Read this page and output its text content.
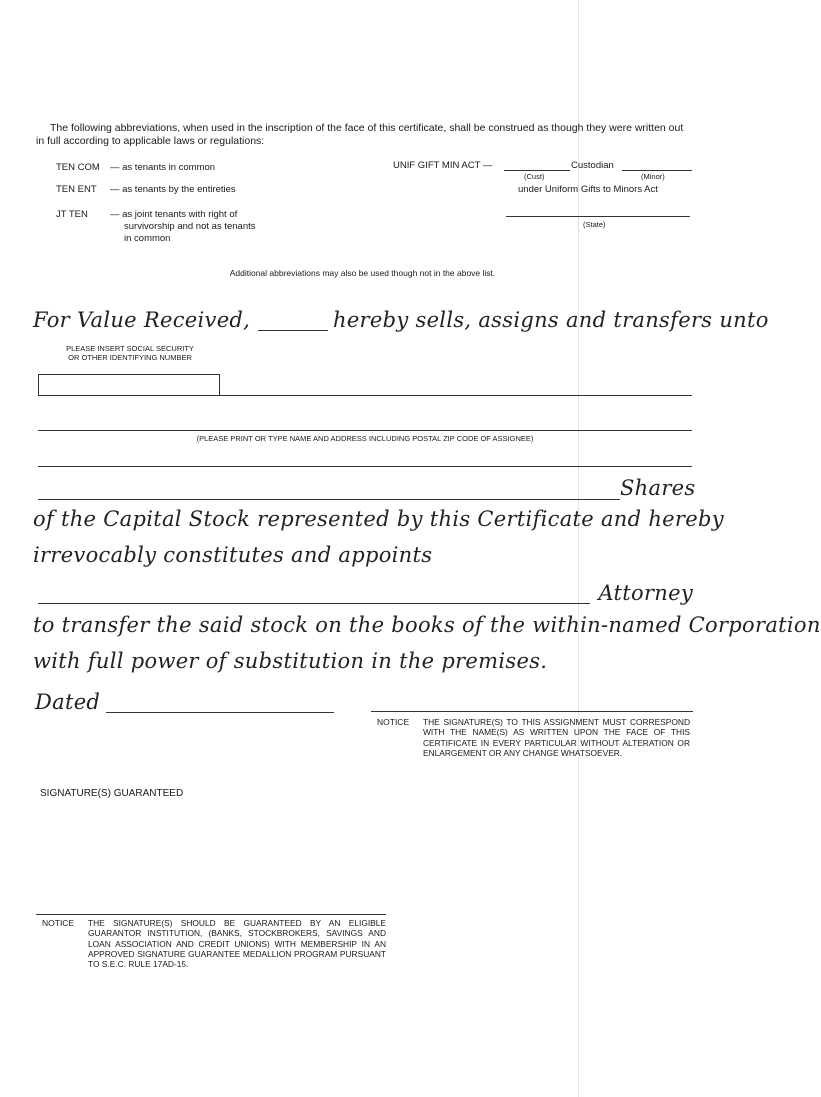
The following abbreviations, when used in the inscription of the face of this certificate, shall be construed as though they were written out in full according to applicable laws or regulations:
TEN COM — as tenants in common
TEN ENT — as tenants by the entireties
JT TEN — as joint tenants with right of survivorship and not as tenants in common
UNIF GIFT MIN ACT —	Custodian
(Cust)	(Minor)
under Uniform Gifts to Minors Act
(State)
Additional abbreviations may also be used though not in the above list.
For Value Received,	hereby sells, assigns and transfers unto
PLEASE INSERT SOCIAL SECURITY OR OTHER IDENTIFYING NUMBER
(PLEASE PRINT OR TYPE NAME AND ADDRESS INCLUDING POSTAL ZIP CODE OF ASSIGNEE)
Shares
of the Capital Stock represented by this Certificate and hereby
irrevocably constitutes and appoints
Attorney
to transfer the said stock on the books of the within-named Corporation
with full power of substitution in the premises.
Dated
NOTICE THE SIGNATURE(S) TO THIS ASSIGNMENT MUST CORRESPOND WITH THE NAME(S) AS WRITTEN UPON THE FACE OF THIS CERTIFICATE IN EVERY PARTICULAR WITHOUT ALTERATION OR ENLARGEMENT OR ANY CHANGE WHATSOEVER.
SIGNATURE(S) GUARANTEED
NOTICE THE SIGNATURE(S) SHOULD BE GUARANTEED BY AN ELIGIBLE GUARANTOR INSTITUTION, (BANKS, STOCKBROKERS, SAVINGS AND LOAN ASSOCIATION AND CREDIT UNIONS) WITH MEMBERSHIP IN AN APPROVED SIGNATURE GUARANTEE MEDALLION PROGRAM PURSUANT TO S.E.C. RULE 17AD-15.
